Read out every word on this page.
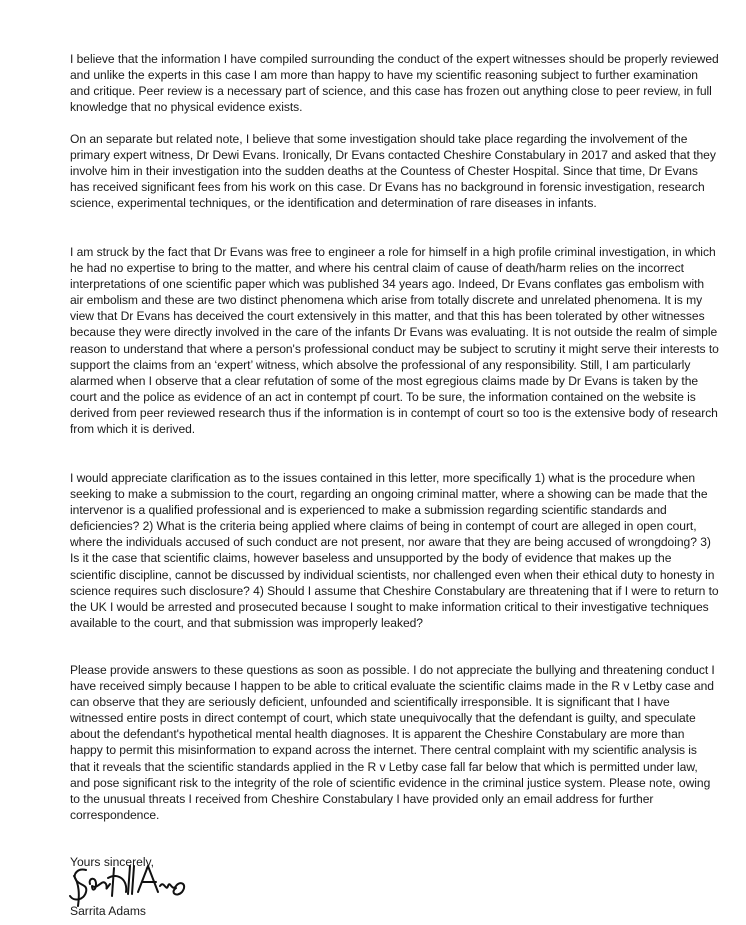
I believe that the information I have compiled surrounding the conduct of the expert witnesses should be properly reviewed and unlike the experts in this case I am more than happy to have my scientific reasoning subject to further examination and critique. Peer review is a necessary part of science, and this case has frozen out anything close to peer review, in full knowledge that no physical evidence exists.

On an separate but related note, I believe that some investigation should take place regarding the involvement of the primary expert witness, Dr Dewi Evans. Ironically, Dr Evans contacted Cheshire Constabulary in 2017 and asked that they involve him in their investigation into the sudden deaths at the Countess of Chester Hospital. Since that time, Dr Evans has received significant fees from his work on this case. Dr Evans has no background in forensic investigation, research science, experimental techniques, or the identification and determination of rare diseases in infants.

I am struck by the fact that Dr Evans was free to engineer a role for himself in a high profile criminal investigation, in which he had no expertise to bring to the matter, and where his central claim of cause of death/harm relies on the incorrect interpretations of one scientific paper which was published 34 years ago. Indeed, Dr Evans conflates gas embolism with air embolism and these are two distinct phenomena which arise from totally discrete and unrelated phenomena. It is my view that Dr Evans has deceived the court extensively in this matter, and that this has been tolerated by other witnesses because they were directly involved in the care of the infants Dr Evans was evaluating. It is not outside the realm of simple reason to understand that where a person's professional conduct may be subject to scrutiny it might serve their interests to support the claims from an ‘expert’ witness, which absolve the professional of any responsibility. Still, I am particularly alarmed when I observe that a clear refutation of some of the most egregious claims made by Dr Evans is taken by the court and the police as evidence of an act in contempt pf court. To be sure, the information contained on the website is derived from peer reviewed research thus if the information is in contempt of court so too is the extensive body of research from which it is derived.

I would appreciate clarification as to the issues contained in this letter, more specifically 1) what is the procedure when seeking to make a submission to the court, regarding an ongoing criminal matter, where a showing can be made that the intervenor is a qualified professional and is experienced to make a submission regarding scientific standards and deficiencies? 2) What is the criteria being applied where claims of being in contempt of court are alleged in open court, where the individuals accused of such conduct are not present, nor aware that they are being accused of wrongdoing? 3) Is it the case that scientific claims, however baseless and unsupported by the body of evidence that makes up the scientific discipline, cannot be discussed by individual scientists, nor challenged even when their ethical duty to honesty in science requires such disclosure? 4) Should I assume that Cheshire Constabulary are threatening that if I were to return to the UK I would be arrested and prosecuted because I sought to make information critical to their investigative techniques available to the court, and that submission was improperly leaked?

Please provide answers to these questions as soon as possible. I do not appreciate the bullying and threatening conduct I have received simply because I happen to be able to critical evaluate the scientific claims made in the R v Letby case and can observe that they are seriously deficient, unfounded and scientifically irresponsible. It is significant that I have witnessed entire posts in direct contempt of court, which state unequivocally that the defendant is guilty, and speculate about the defendant's hypothetical mental health diagnoses. It is apparent the Cheshire Constabulary are more than happy to permit this misinformation to expand across the internet. There central complaint with my scientific analysis is that it reveals that the scientific standards applied in the R v Letby case fall far below that which is permitted under law, and pose significant risk to the integrity of the role of scientific evidence in the criminal justice system. Please note, owing to the unusual threats I received from Cheshire Constabulary I have provided only an email address for further correspondence.

Yours sincerely,

Sarrita Adams
